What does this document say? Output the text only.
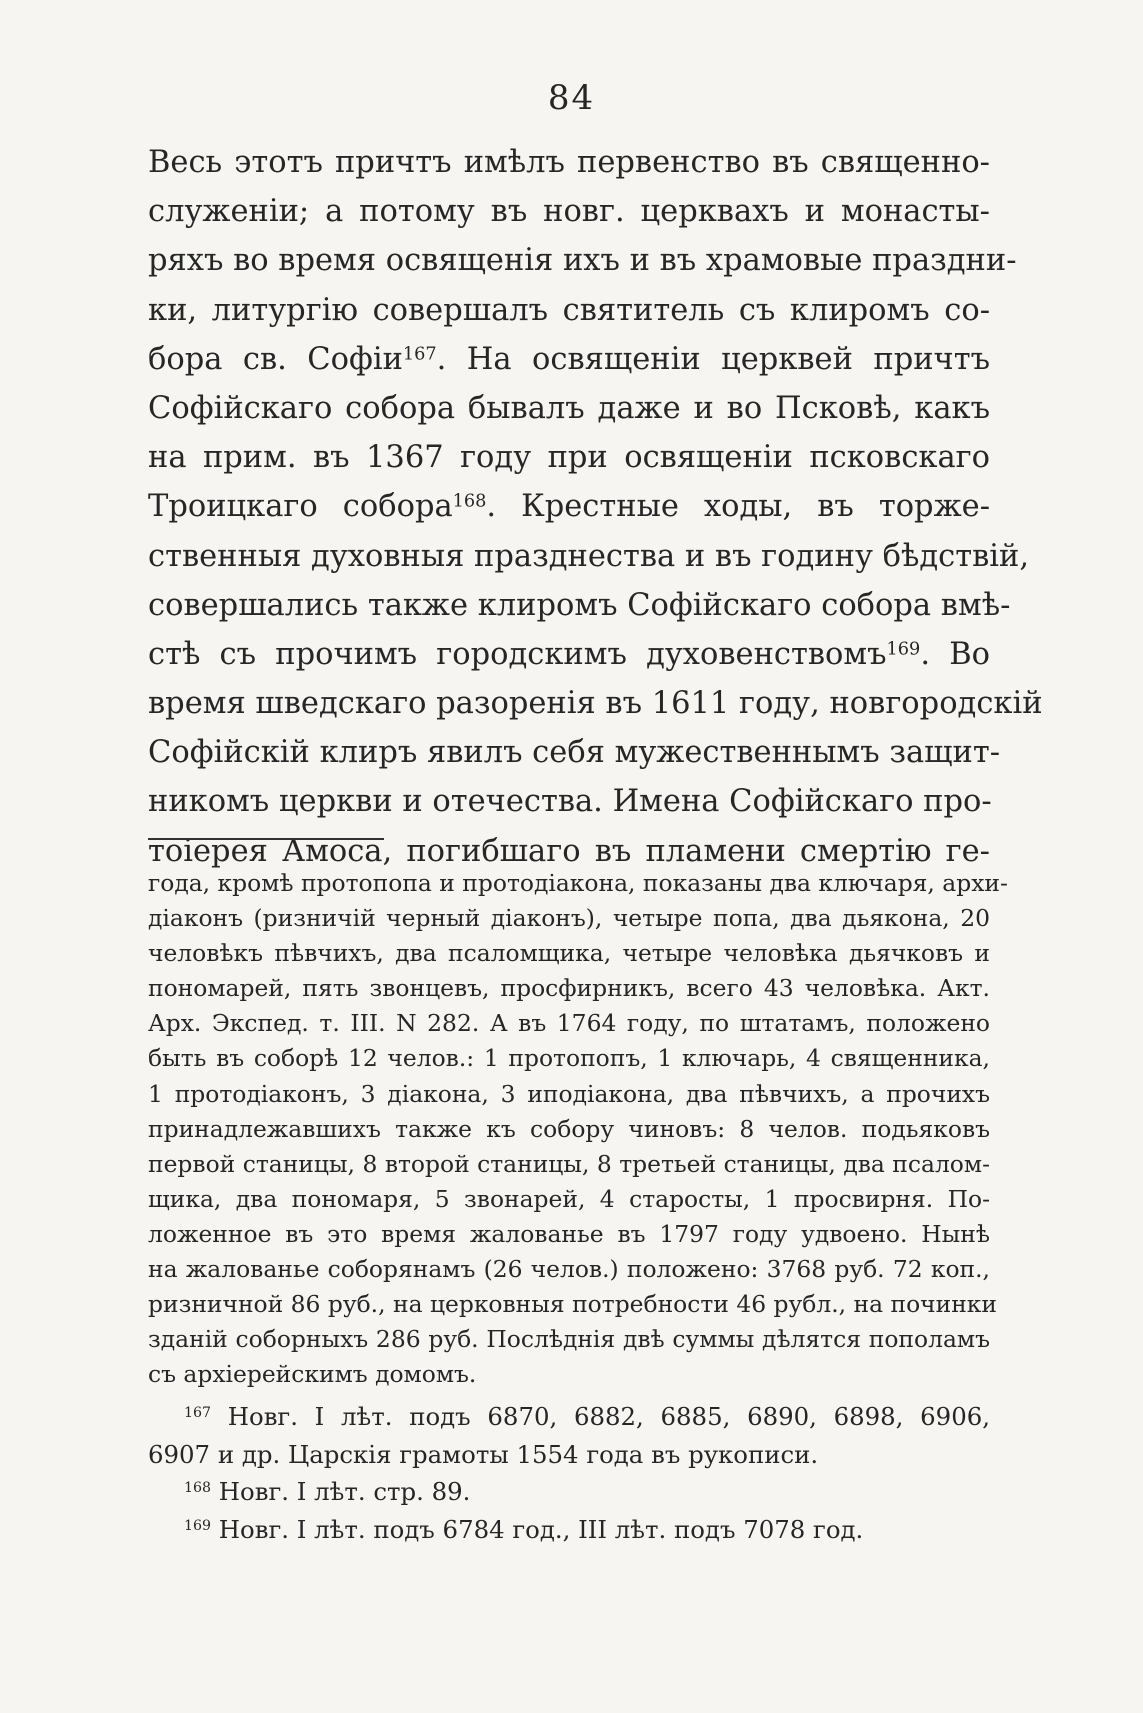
84
Весь этотъ причтъ имѣлъ первенство въ священно-
служеніи; а потому въ новг. церквахъ и монасты-
ряхъ во время освященія ихъ и въ храмовые праздни-
ки, литургію совершалъ святитель съ клиромъ со-
бора св. Софіи$^{167}$. На освященіи церквей причтъ
Софійскаго собора бывалъ даже и во Псковѣ, какъ
на прим. въ 1367 году при освященіи псковскаго
Троицкаго собора$^{168}$. Крестные ходы, въ торже-
ственныя духовныя празднества и въ годину бѣдствій,
совершались также клиромъ Софійскаго собора вмѣ-
стѣ съ прочимъ городскимъ духовенствомъ$^{169}$. Во
время шведскаго разоренія въ 1611 году, новгородскій
Софійскій клиръ явилъ себя мужественнымъ защит-
никомъ церкви и отечества. Имена Софійскаго про-
тоіерея Амоса, погибшаго въ пламени смертію ге-
года, кромѣ протопопа и протодіакона, показаны два ключаря, архи-
діаконъ (ризничій черный діаконъ), четыре попа, два дьякона, 20
человѣкъ пѣвчихъ, два псаломщика, четыре человѣка дьячковъ и
пономарей, пять звонцевъ, просфирникъ, всего 43 человѣка. Акт.
Арх. Экспед. т. III. N 282. А въ 1764 году, по штатамъ, положено
быть въ соборѣ 12 челов.: 1 протопопъ, 1 ключарь, 4 священника,
1 протодіаконъ, 3 діакона, 3 иподіакона, два пѣвчихъ, а прочихъ
принадлежавшихъ также къ собору чиновъ: 8 челов. подьяковъ
первой станицы, 8 второй станицы, 8 третьей станицы, два псалом-
щика, два пономаря, 5 звонарей, 4 старосты, 1 просвирня. По-
ложенное въ это время жалованье въ 1797 году удвоено. Нынѣ
на жалованье соборянамъ (26 челов.) положено: 3768 руб. 72 коп.,
ризничной 86 руб., на церковныя потребности 46 рубл., на починки
зданій соборныхъ 286 руб. Послѣднія двѣ суммы дѣлятся пополамъ
съ архіерейскимъ домомъ.
$^{167}$ Новг. I лѣт. подъ 6870, 6882, 6885, 6890, 6898, 6906,
6907 и др. Царскія грамоты 1554 года въ рукописи.
$^{168}$ Новг. I лѣт. стр. 89.
$^{169}$ Новг. I лѣт. подъ 6784 год., III лѣт. подъ 7078 год.
